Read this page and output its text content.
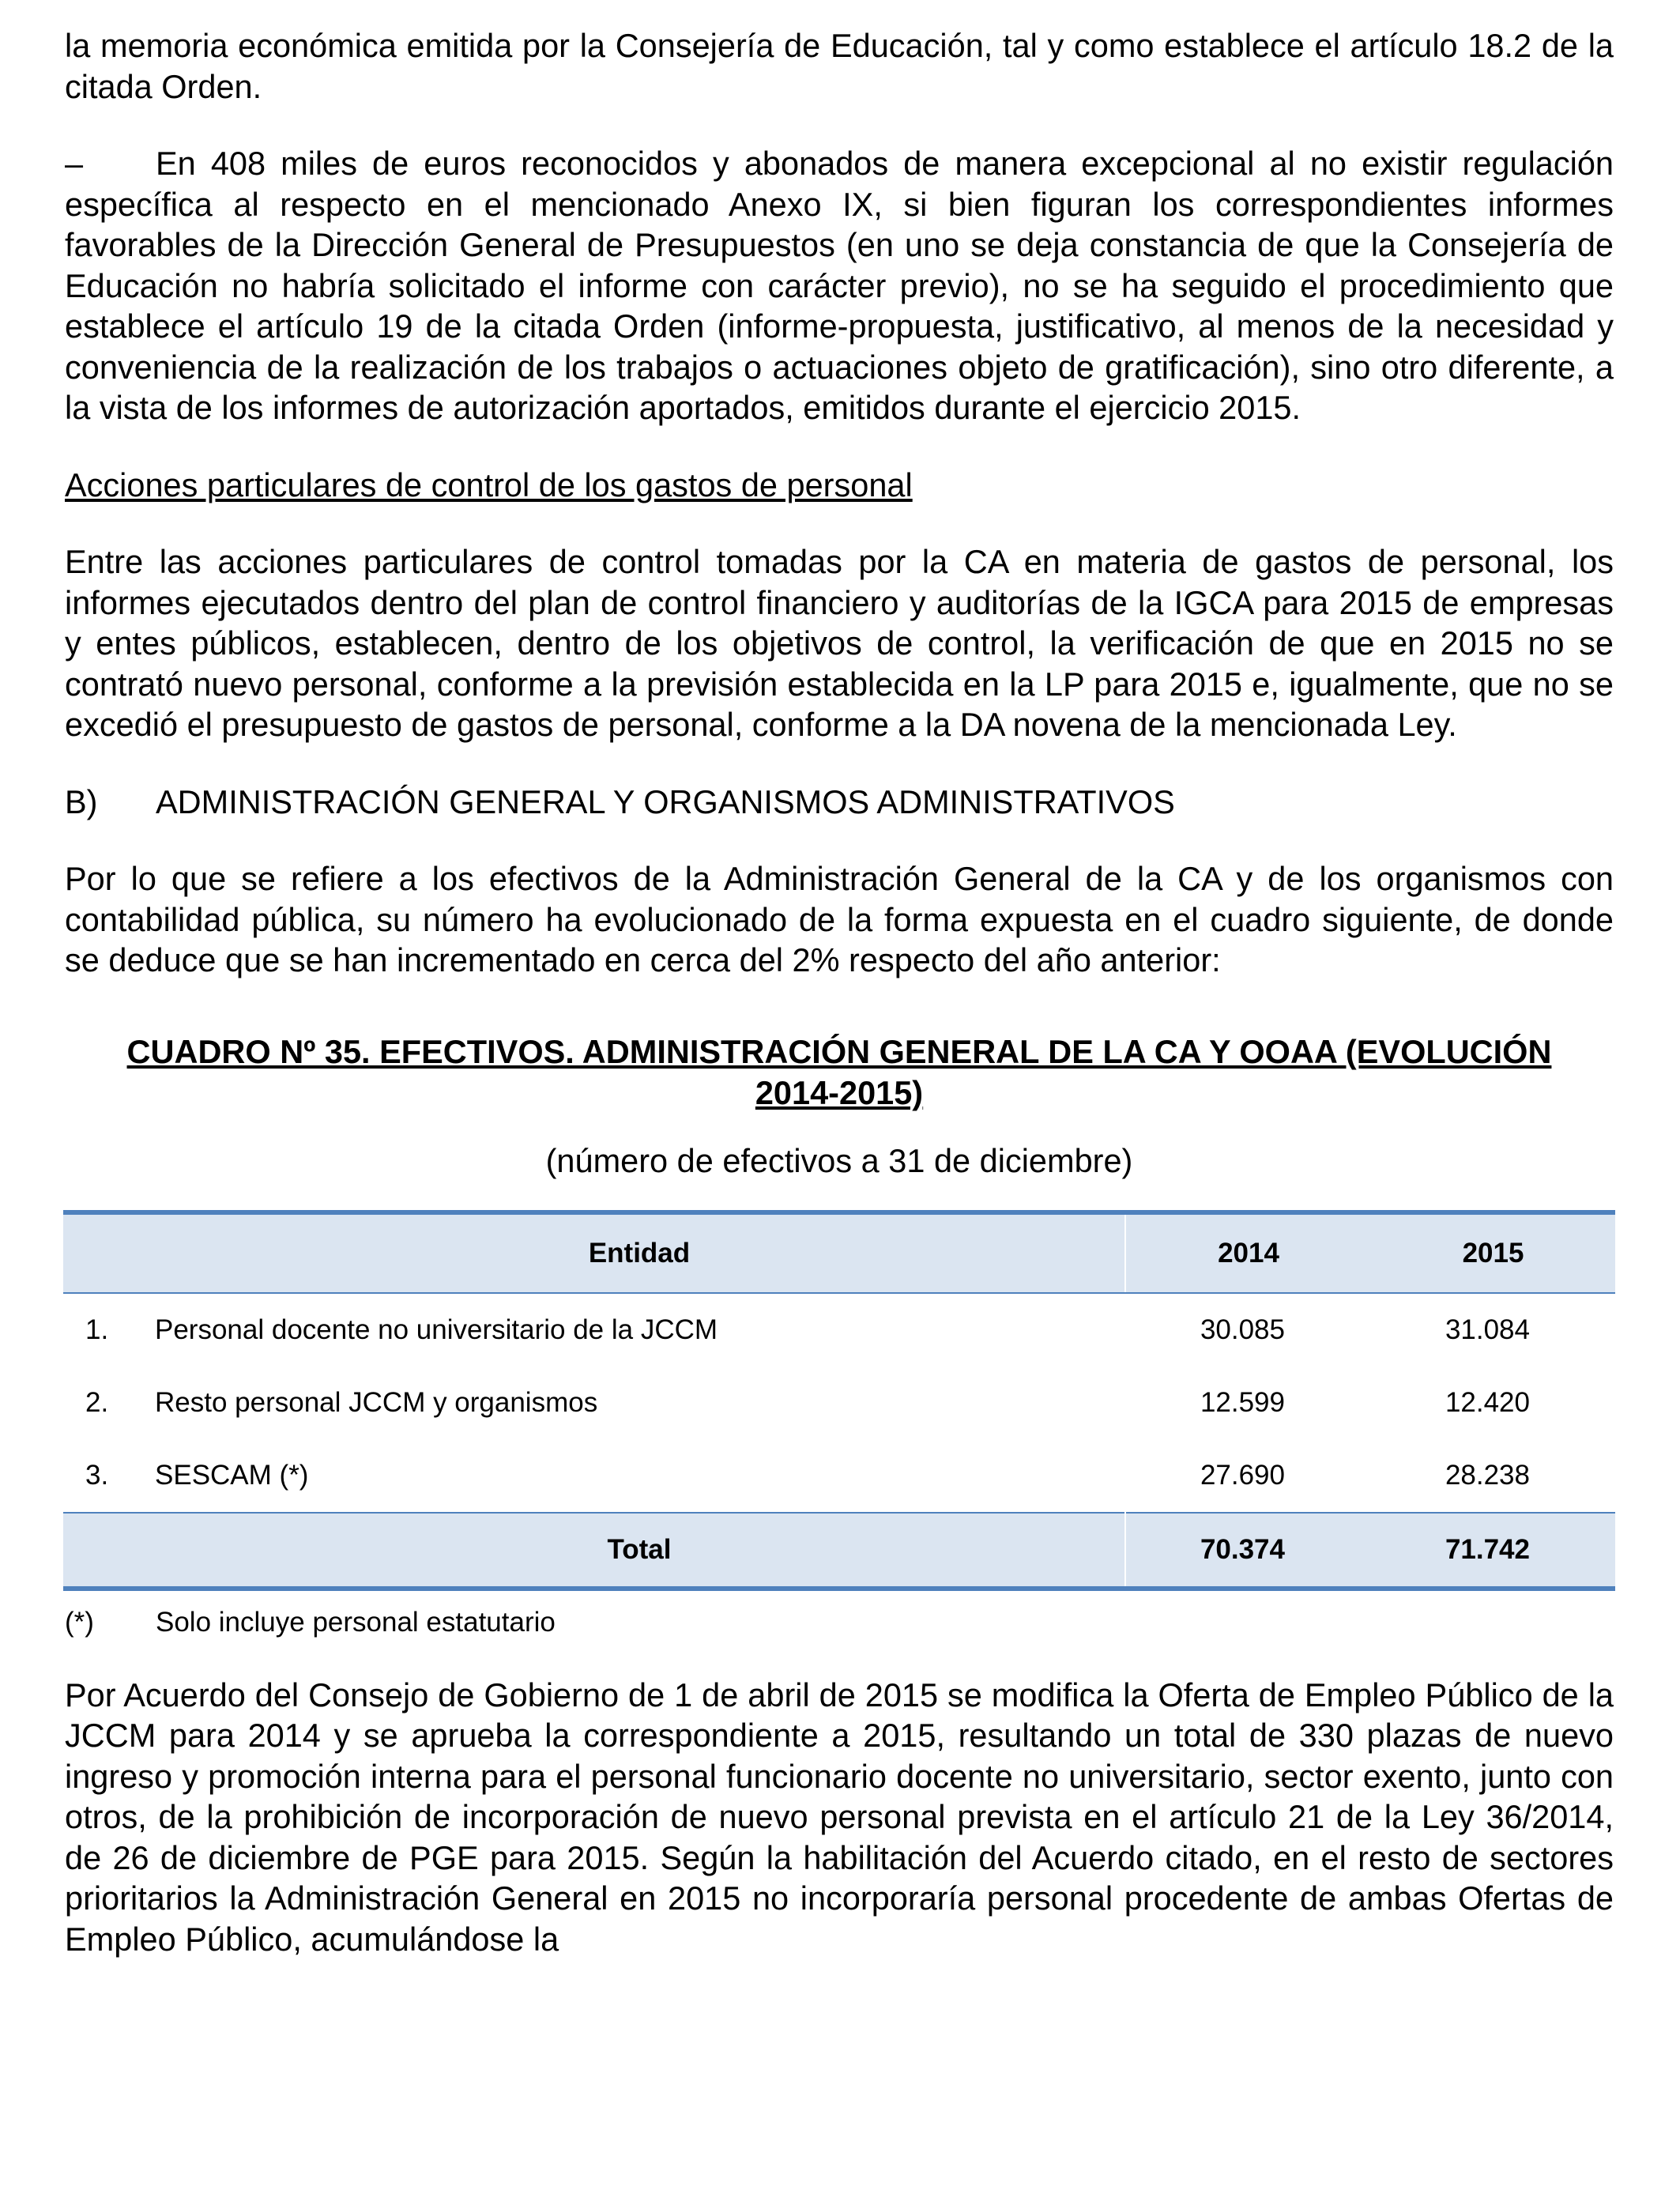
la memoria económica emitida por la Consejería de Educación, tal y como establece el artículo 18.2 de la citada Orden.

– En 408 miles de euros reconocidos y abonados de manera excepcional al no existir regulación específica al respecto en el mencionado Anexo IX, si bien figuran los correspondientes informes favorables de la Dirección General de Presupuestos (en uno se deja constancia de que la Consejería de Educación no habría solicitado el informe con carácter previo), no se ha seguido el procedimiento que establece el artículo 19 de la citada Orden (informe-propuesta, justificativo, al menos de la necesidad y conveniencia de la realización de los trabajos o actuaciones objeto de gratificación), sino otro diferente, a la vista de los informes de autorización aportados, emitidos durante el ejercicio 2015.

Acciones particulares de control de los gastos de personal

Entre las acciones particulares de control tomadas por la CA en materia de gastos de personal, los informes ejecutados dentro del plan de control financiero y auditorías de la IGCA para 2015 de empresas y entes públicos, establecen, dentro de los objetivos de control, la verificación de que en 2015 no se contrató nuevo personal, conforme a la previsión establecida en la LP para 2015 e, igualmente, que no se excedió el presupuesto de gastos de personal, conforme a la DA novena de la mencionada Ley.

B) ADMINISTRACIÓN GENERAL Y ORGANISMOS ADMINISTRATIVOS

Por lo que se refiere a los efectivos de la Administración General de la CA y de los organismos con contabilidad pública, su número ha evolucionado de la forma expuesta en el cuadro siguiente, de donde se deduce que se han incrementado en cerca del 2% respecto del año anterior:

CUADRO Nº 35. EFECTIVOS. ADMINISTRACIÓN GENERAL DE LA CA Y OOAA (EVOLUCIÓN
2014-2015)

(número de efectivos a 31 de diciembre)

	Entidad	2014	2015
1.	Personal docente no universitario de la JCCM	30.085	31.084
2.	Resto personal JCCM y organismos	12.599	12.420
3.	SESCAM (*)	27.690	28.238
	Total	70.374	71.742

(*) Solo incluye personal estatutario

Por Acuerdo del Consejo de Gobierno de 1 de abril de 2015 se modifica la Oferta de Empleo Público de la JCCM para 2014 y se aprueba la correspondiente a 2015, resultando un total de 330 plazas de nuevo ingreso y promoción interna para el personal funcionario docente no universitario, sector exento, junto con otros, de la prohibición de incorporación de nuevo personal prevista en el artículo 21 de la Ley 36/2014, de 26 de diciembre de PGE para 2015. Según la habilitación del Acuerdo citado, en el resto de sectores prioritarios la Administración General en 2015 no incorporaría personal procedente de ambas Ofertas de Empleo Público, acumulándose la
